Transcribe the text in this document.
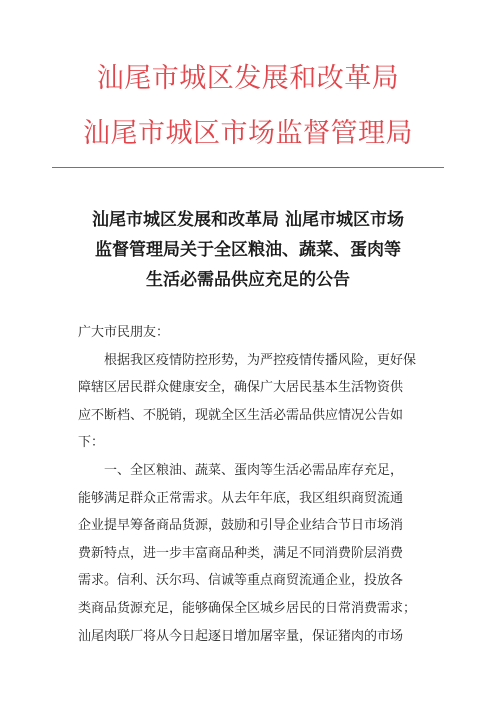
汕尾市城区发展和改革局
汕尾市城区市场监督管理局
汕尾市城区发展和改革局 汕尾市城区市场
监督管理局关于全区粮油、蔬菜、蛋肉等
生活必需品供应充足的公告
广大市民朋友：
根据我区疫情防控形势，为严控疫情传播风险，更好保
障辖区居民群众健康安全，确保广大居民基本生活物资供
应不断档、不脱销，现就全区生活必需品供应情况公告如
下：
一、全区粮油、蔬菜、蛋肉等生活必需品库存充足，
能够满足群众正常需求。从去年年底，我区组织商贸流通
企业提早筹备商品货源，鼓励和引导企业结合节日市场消
费新特点，进一步丰富商品种类，满足不同消费阶层消费
需求。信利、沃尔玛、信诚等重点商贸流通企业，投放各
类商品货源充足，能够确保全区城乡居民的日常消费需求；
汕尾肉联厂将从今日起逐日增加屠宰量，保证猪肉的市场
